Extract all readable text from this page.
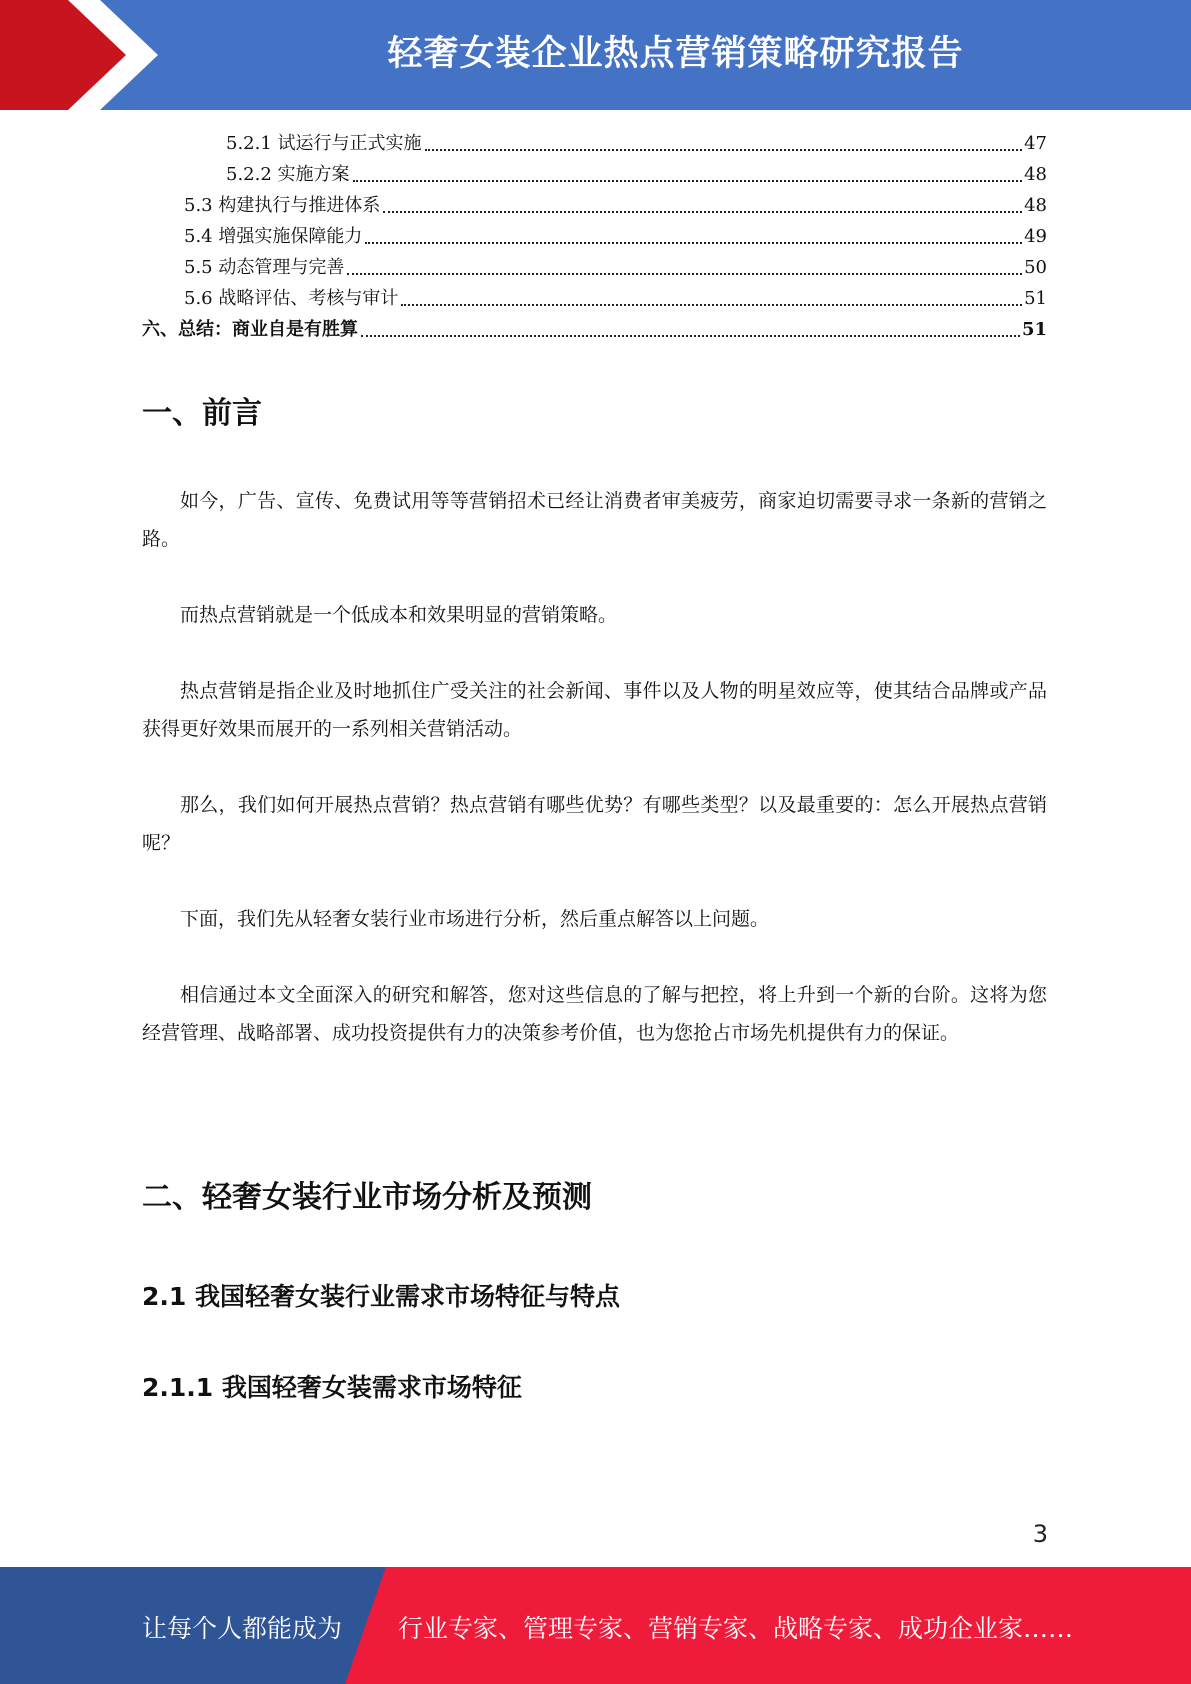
轻奢女装企业热点营销策略研究报告
5.2.1 试运行与正式实施	47
5.2.2 实施方案	48
5.3 构建执行与推进体系	48
5.4 增强实施保障能力	49
5.5 动态管理与完善	50
5.6 战略评估、考核与审计	51
六、总结：商业自是有胜算	51
一、前言

如今，广告、宣传、免费试用等等营销招术已经让消费者审美疲劳，商家迫切需要寻求一条新的营销之路。

而热点营销就是一个低成本和效果明显的营销策略。

热点营销是指企业及时地抓住广受关注的社会新闻、事件以及人物的明星效应等，使其结合品牌或产品获得更好效果而展开的一系列相关营销活动。

那么，我们如何开展热点营销？热点营销有哪些优势？有哪些类型？以及最重要的：怎么开展热点营销呢？

下面，我们先从轻奢女装行业市场进行分析，然后重点解答以上问题。

相信通过本文全面深入的研究和解答，您对这些信息的了解与把控，将上升到一个新的台阶。这将为您经营管理、战略部署、成功投资提供有力的决策参考价值，也为您抢占市场先机提供有力的保证。

二、轻奢女装行业市场分析及预测
2.1 我国轻奢女装行业需求市场特征与特点
2.1.1 我国轻奢女装需求市场特征
3
让每个人都能成为 行业专家、管理专家、营销专家、战略专家、成功企业家……
